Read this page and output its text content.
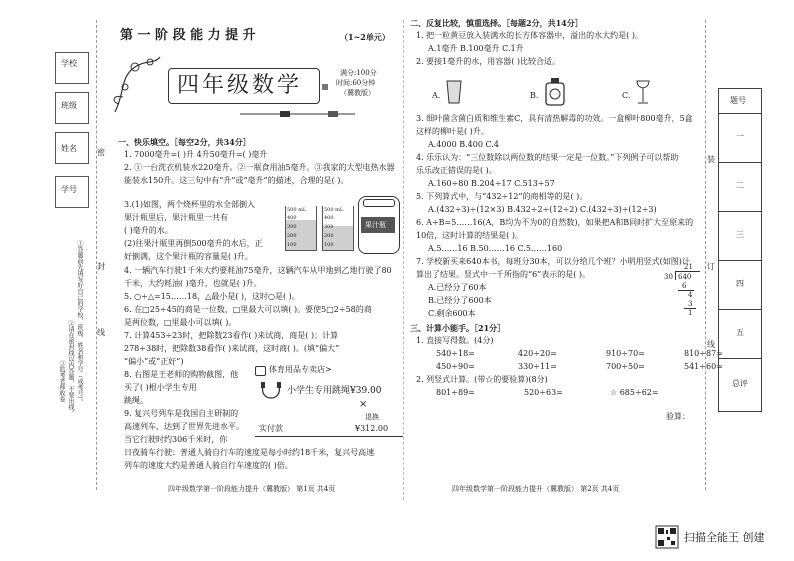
学校
班级
姓名
学号
密
封
线
①答题前先填写好自己的学校、班级、姓名和学号（或考号）。
②请在密封线以内答题，不要出线。
③监考老师收卷
第 一 阶 段 能 力 提 升	（1~2单元）
四年级数学	满分:100分
时间:60分钟
（冀教版）
一、快乐填空。［每空2分，共34分］
1. 7000毫升=( )升 4升50毫升=( )毫升
2. ①一台洗衣机装水220毫升。②一瓶食用油5毫升。③我家的大型电热水器
能装水150升。这三句中有“升”或“毫升”的描述，合理的是( )。
3.(1)如图，两个烧杯里的水全部倒入
果汁瓶里后，果汁瓶里一共有
( )毫升的水。
(2)往果汁瓶里再倒500毫升的水后，正
好倒满，这个果汁瓶的容量是( )升。
4. 一辆汽车行驶1千米大约要耗油75毫升，这辆汽车从甲地到乙地行驶了80
千米，大约耗油( )毫升，也就是( )升。
5. ○÷△=15……18，△最小是( )，这时○是( )。
6. 在□25÷45的商是一位数，□里最大可以填( )。要使5□2÷58的商
是两位数，□里最小可以填( )。
7. 计算453÷23时，把除数23看作( )来试商，商是( )；计算
278÷38时，把除数38看作( )来试商，这时商( )。(填“偏大”
“偏小”或“正好”)
8. 右图是王老师的购物截图，他
买了( )根小学生专用
跳绳。
9. 复兴号列车是我国自主研制的
高速列车，达到了世界先进水平。
当它行驶时约306千米时，你
日夜骑车行驶：普通人骑自行车的速度是每小时约18千米，复兴号高速
列车的速度大约是普通人骑自行车速度的( )倍。
500 mL
400
300
200
100
500 mL
400
300
200
100
果汁瓶
体育用品专卖店>
小学生专用跳绳¥39.00
×
退换
实付款	¥312.00
四年级数学第一阶段能力提升（冀教版） 第1页 共4页
二、反复比较，慎重选择。［每题2分，共14分］
1. 把一粒黄豆放入装满水的长方体容器中，溢出的水大约是( )。
A.1毫升 B.100毫升 C.1升
2. 要接1毫升的水，用容器( )比较合适。
A.	B.	C.
3. 细叶菌含菌白质和维生素C，具有清热解毒的功效。一盒柳叶800毫升，5盒
这样的柳叶是( )升。
A.4000 B.400 C.4
4. 乐乐认为：“三位数除以两位数的结果一定是一位数。”下列例子可以帮助
乐乐改正错误的是( )。
A.160÷80 B.204÷17 C.513÷57
5. 下列算式中，与“432÷12”的商相等的是( )。
A.(432÷3)÷(12×3) B.432÷2÷(12÷2) C.(432÷3)÷(12÷3)
6. A÷B=5……16(A，B均为不为0的自然数)，如果把A和B同时扩大至原来的
10倍，这时计算的结果是( )。
A.5……16 B.50……16 C.5……160
7. 学校新买来640本书，每班分30本，可以分给几个班？小明用竖式(如图)计
算出了结果。竖式中一千所指的“6”表示的是( )。
A.已经分了60本
B.已经分了600本
C.剩余600本
21
30 640
6
4
3
1
三、计算小能手。［21分］
1. 直接写得数。(4分)
540÷18=	420÷20=	910÷70=	810÷87≈
450÷90=	330÷11=	700÷50=	541÷60≈
2. 列竖式计算。(带☆的要验算)(8分)
801÷89=	520÷63=	☆ 685÷62=
验算：
四年级数学第一阶段能力提升（冀教版） 第2页 共4页
装
订
线
题号
一
二
三
四
五
总评
扫描全能王 创建
